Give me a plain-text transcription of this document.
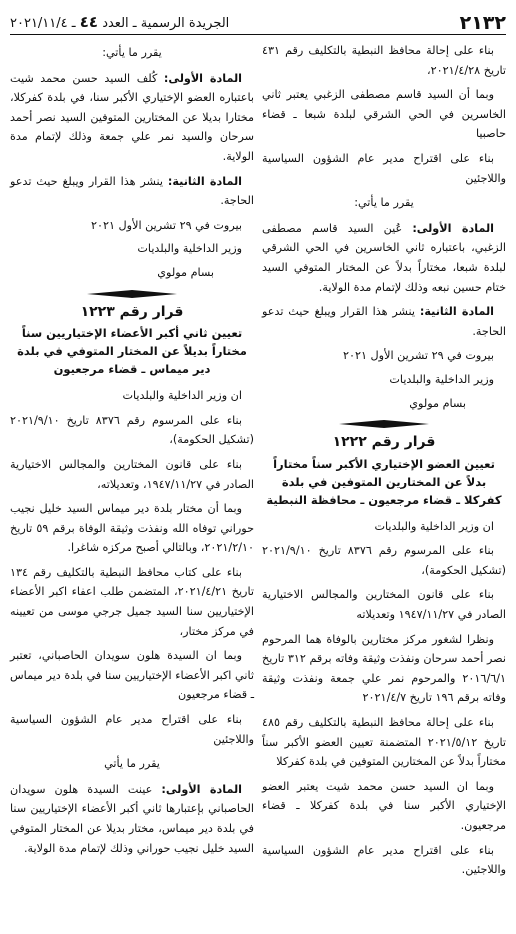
٢١٣٢
الجريدة الرسمية ـ العدد ٤٤ ـ ٢٠٢١/١١/٤

بناء على إحالة محافظ النبطية بالتكليف رقم ٤٣١ تاريخ ٢٠٢١/٤/٢٨،

وبما أن السيد قاسم مصطفى الزغبي يعتبر ثاني الخاسرين في الحي الشرقي لبلدة شبعا ـ قضاء حاصبيا

بناء على اقتراح مدير عام الشؤون السياسية واللاجئين

يقرر ما يأتي:

المادة الأولى: عُين السيد قاسم مصطفى الزغبي، باعتباره ثاني الخاسرين في الحي الشرقي لبلدة شبعا، مختاراً بدلاً عن المختار المتوفي السيد ختام حسين نبعه وذلك لإتمام مدة الولاية.

المادة الثانية: ينشر هذا القرار ويبلغ حيث تدعو الحاجة.

بيروت في ٢٩ تشرين الأول ٢٠٢١
وزير الداخلية والبلديات
بسام مولوي
قرار رقم ١٢٢٢
تعيين العضو الإختياري الأكبر سناً مختاراً بدلاً عن المختارين المتوفين في بلدة كفركلا ـ قضاء مرجعيون ـ محافظة النبطية

ان وزير الداخلية والبلديات

بناء على المرسوم رقم ٨٣٧٦ تاريخ ٢٠٢١/٩/١٠ (تشكيل الحكومة)،

بناء على قانون المختارين والمجالس الاختيارية الصادر في ١٩٤٧/١١/٢٧ وتعديلاته

ونظرا لشغور مركز مختارين بالوفاة هما المرحوم نصر أحمد سرحان ونفذت وثيقة وفاته برقم ٣١٢ تاريخ ٢٠١٦/٦/١ والمرحوم نمر علي جمعة ونفذت وثيقة وفاته برقم ١٩٦ تاريخ ٢٠٢١/٤/٧

بناء على إحالة محافظ النبطية بالتكليف رقم ٤٨٥ تاريخ ٢٠٢١/٥/١٢ المتضمنة تعيين العضو الأكبر سناً مختاراً بدلاً عن المختارين المتوفين في بلدة كفركلا

وبما ان السيد حسن محمد شيت يعتبر العضو الإختياري الأكبر سنا في بلدة كفركلا ـ قضاء مرجعيون.

بناء على اقتراح مدير عام الشؤون السياسية واللاجئين.

يقرر ما يأتي:

المادة الأولى: كُلف السيد حسن محمد شيت باعتباره العضو الإختياري الأكبر سنا، في بلدة كفركلا، مختارا بديلا عن المختارين المتوفين السيد نصر أحمد سرحان والسيد نمر علي جمعة وذلك لإتمام مدة الولاية.

المادة الثانية: ينشر هذا القرار ويبلغ حيث تدعو الحاجة.

بيروت في ٢٩ تشرين الأول ٢٠٢١
وزير الداخلية والبلديات
بسام مولوي
قرار رقم ١٢٢٣
تعيين ثاني أكبر الأعضاء الإختياريين سناً مختاراً بديلاً عن المختار المتوفي في بلدة دير ميماس ـ قضاء مرجعيون

ان وزير الداخلية والبلديات

بناء على المرسوم رقم ٨٣٧٦ تاريخ ٢٠٢١/٩/١٠ (تشكيل الحكومة)،

بناء على قانون المختارين والمجالس الاختيارية الصادر في ١٩٤٧/١١/٢٧، وتعديلاته،

وبما أن مختار بلدة دير ميماس السيد خليل نجيب حوراني توفاه الله ونفذت وثيقة الوفاة برقم ٥٩ تاريخ ٢٠٢١/٢/١٠، وبالتالي أصبح مركزه شاغرا.

بناء على كتاب محافظ النبطية بالتكليف رقم ١٣٤ تاريخ ٢٠٢١/٤/٢١، المتضمن طلب اعفاء اكبر الأعضاء الإختياريين سنا السيد جميل جرجي موسى من تعيينه في مركز مختار،

وبما ان السيدة هلون سويدان الحاصباني، تعتبر ثاني اكبر الأعضاء الإختياريين سنا في بلدة دير ميماس ـ قضاء مرجعيون

بناء على اقتراح مدير عام الشؤون السياسية واللاجئين

يقرر ما يأتي

المادة الأولى: عينت السيدة هلون سويدان الحاصباني بإعتبارها ثاني أكبر الأعضاء الإختياريين سنا في بلدة دير ميماس، مختار بديلا عن المختار المتوفي السيد خليل نجيب حوراني وذلك لإتمام مدة الولاية.
